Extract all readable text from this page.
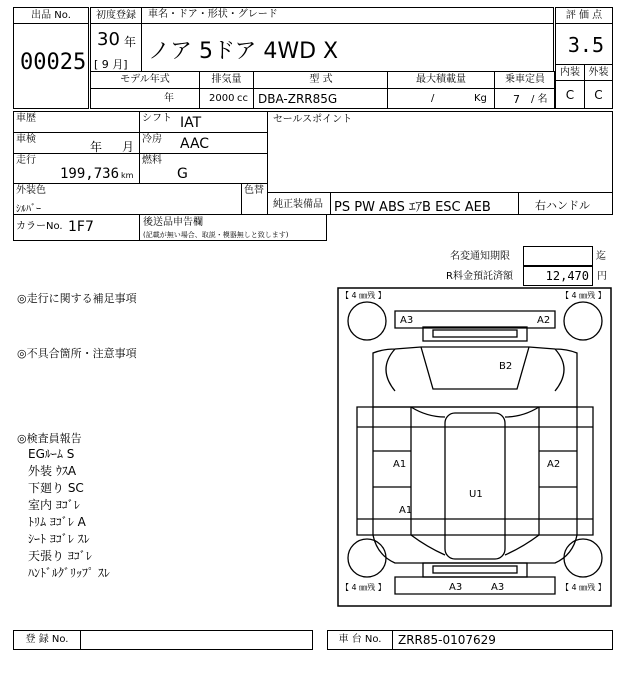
出品 No.
00025
初度登録	車名・ドア・形状・グレード
30 年
[ 9 月]
ノア 5ドア 4WD X
評 価 点
3.5
内装 外装
C	C
モデル年式	排気量	型 式	最大積載量	乗車定員
年	2000 cc DBA-ZRR85G	/	Kg 7 / 名
車歴	シフト IAT	セールスポイント
車検
年 月
冷房 AAC
走行
199,736 km
燃料
G
外装色
ｼﾙﾊﾞｰ
色替
純正装備品 PS PW ABS ｴｱB ESC AEB	右ハンドル
カラーNo. 1F7	後送品申告欄
(記載が無い場合、取説・模器無しと致します)
名変通知期限	迄
R料金預託済額	12,470 円
◎走行に関する補足事項
◎不具合箇所・注意事項
◎検査員報告
EGﾙｰﾑ S
外装 ｳｽA
下廻り SC
室内 ﾖｺﾞﾚ
ﾄﾘﾑ ﾖｺﾞﾚ A
ｼｰﾄ ﾖｺﾞﾚ ｽﾚ
天張り ﾖｺﾞﾚ
ﾊﾝﾄﾞﾙｸﾞﾘｯﾌﾟ ｽﾚ
【 4 ㎜残 】	【 4 ㎜残 】
【 4 ㎜残 】	【 4 ㎜残 】
A3	A2
B2
A1	A2
A1
U1
A3	A3
登 録 No.	車 台 No.	ZRR85-0107629
